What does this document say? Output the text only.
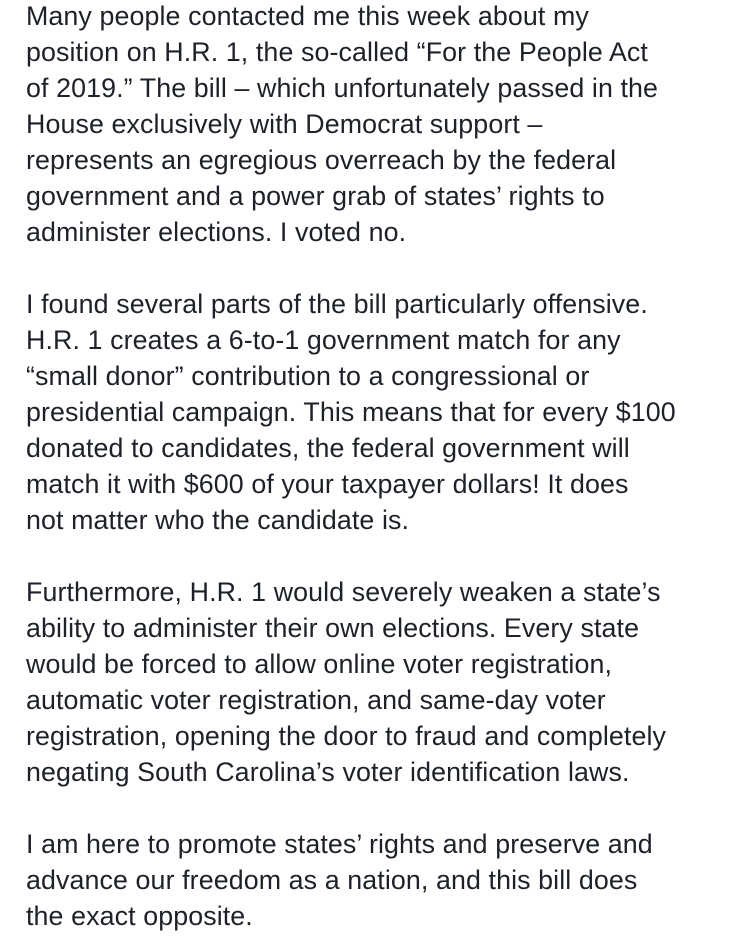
Many people contacted me this week about my
position on H.R. 1, the so-called “For the People Act
of 2019.” The bill – which unfortunately passed in the
House exclusively with Democrat support –
represents an egregious overreach by the federal
government and a power grab of states’ rights to
administer elections. I voted no.
I found several parts of the bill particularly offensive.
H.R. 1 creates a 6-to-1 government match for any
“small donor” contribution to a congressional or
presidential campaign. This means that for every $100
donated to candidates, the federal government will
match it with $600 of your taxpayer dollars! It does
not matter who the candidate is.
Furthermore, H.R. 1 would severely weaken a state’s
ability to administer their own elections. Every state
would be forced to allow online voter registration,
automatic voter registration, and same-day voter
registration, opening the door to fraud and completely
negating South Carolina’s voter identification laws.
I am here to promote states’ rights and preserve and
advance our freedom as a nation, and this bill does
the exact opposite.
